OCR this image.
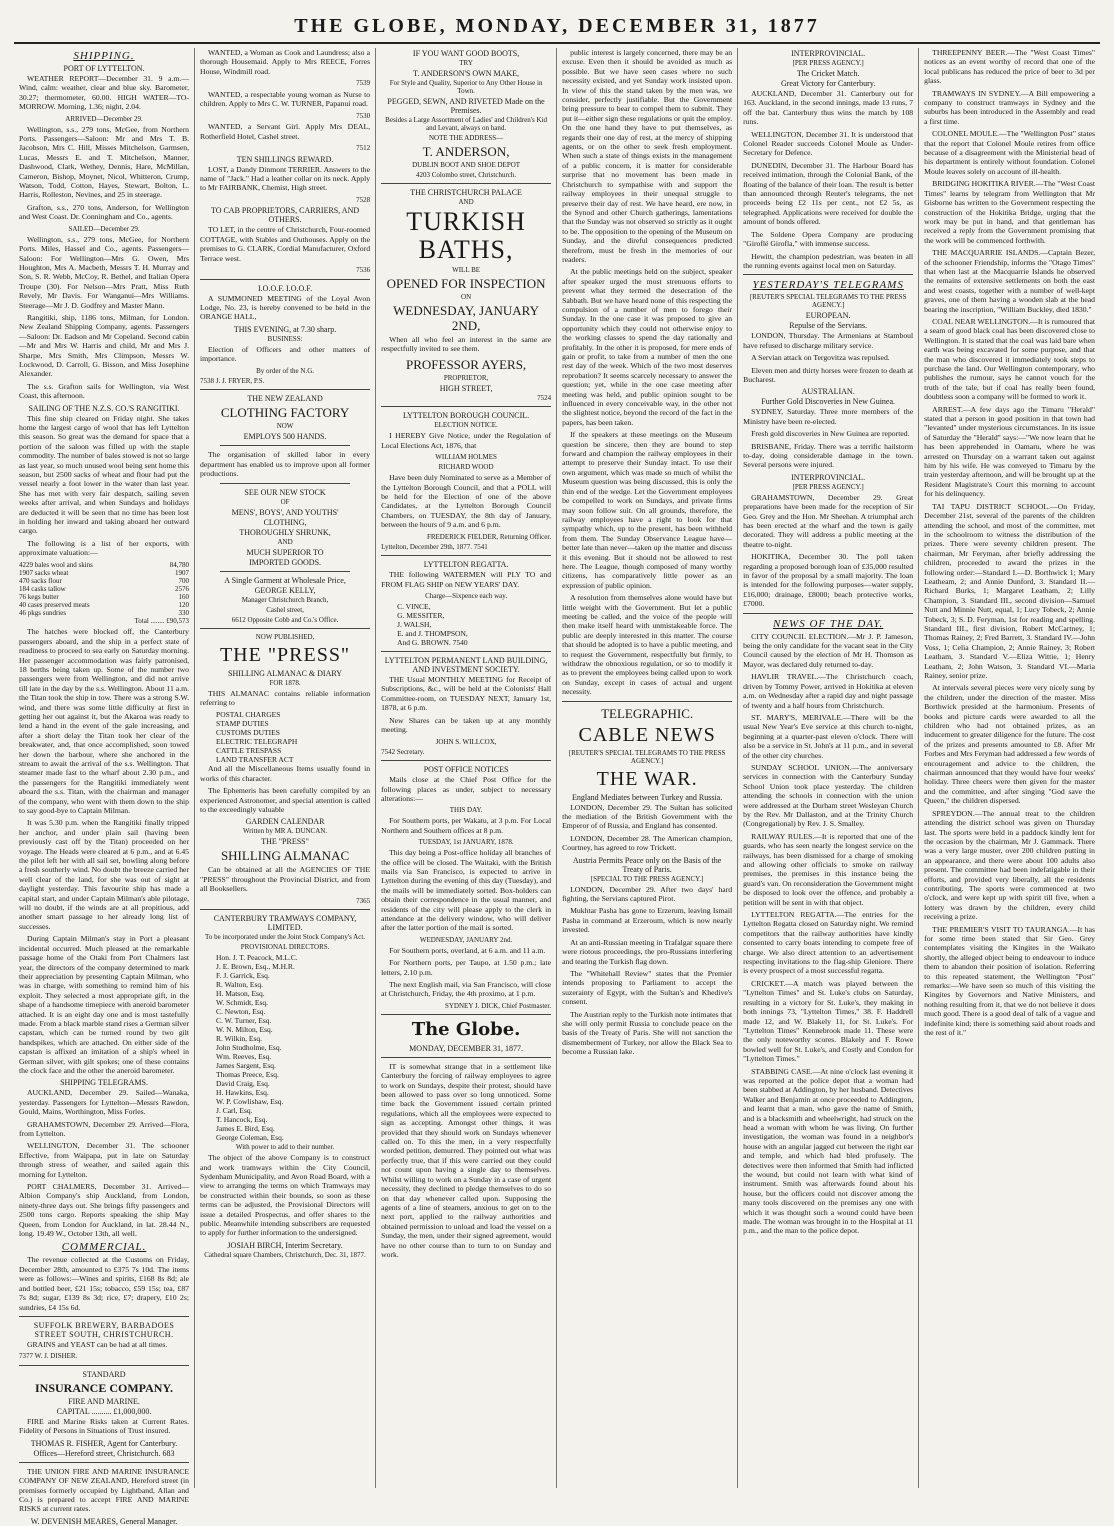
THE GLOBE, MONDAY, DECEMBER 31, 1877
SHIPPING.
PORT OF LYTTELTON.

WEATHER REPORT—December 31. 9 a.m.—Wind, calm: weather, clear and blue sky. Barometer, 30.27; thermometer, 60.00. HIGH WATER—TO-MORROW. Morning, 1.36; night, 2.04.

ARRIVED—December 29.

Wellington, s.s., 279 tons, McGee, from Northern Ports. Passengers—Saloon: Mr and Mrs T. B. Jacobson, Mrs C. Hill, Misses Mitchelson, Garmsen, Lucas, Messrs E. and T. Mitchelson, Manner, Dashwood, Clark, Wethey, Dennis, Hare, McMillan, Cameron, Bishop, Moynet, Nicol, Whitteron, Crump, Watson, Todd, Cotton, Hayes, Stewart, Bolton, L. Harris, Rolleston, Nevines, and 25 in steerage.

Grafton, s.s., 270 tons, Anderson, for Wellington and West Coast. Dr. Conningham and Co., agents.

SAILED—December 29.

Wellington, s.s., 279 tons, McGee, for Northern Ports. Miles, Hassel and Co., agents. Passengers—Saloon: For Wellington—Mrs G. Owen, Mrs Houghton, Mrs A. Macbeth, Messrs T. H. Murray and Son, S. R. Webb, McCoy, R. Bethel, and Italian Opera Troupe (30). For Nelson—Mrs Pratt, Miss Ruth Revely, Mr Davis. For Wanganui—Mrs Williams. Steerage—Mr J. D. Godfrey and Master Mann.

Rangitiki, ship, 1186 tons, Milman, for London. New Zealand Shipping Company, agents. Passengers—Saloon: Dr. Eadson and Mr Copeland. Second cabin—Mr and Mrs W. Harris and child, Mr and Mrs J. Sharpe, Mrs Smith, Mrs Climpson, Messrs W. Lockwood, D. Carroll, G. Bisson, and Miss Josephine Alexander.

The s.s. Grafton sails for Wellington, via West Coast, this afternoon.

SAILING OF THE N.Z.S. CO.'S RANGITIKI.

This fine ship cleared on Friday night. She takes home the largest cargo of wool that has left Lyttelton this season. So great was the demand for space that a portion of the saloon was filled up with the staple commodity. The number of bales stowed is not so large as last year, so much unused wool being sent home this season, but 2500 sacks of wheat and flour had put the vessel nearly a foot lower in the water than last year. She has met with very fair despatch, sailing seven weeks after arrival, and when Sundays and holidays are deducted it will be seen that no time has been lost in holding her inward and taking aboard her outward cargo.

The following is a list of her exports, with approximate valuation:—

4229 bales wool and skins	84,780
1907 sacks wheat	1907
470 sacks flour	700
184 casks tallow	2576
76 kegs butter	160
40 cases preserved meats	120
46 pkgs sundries	330
Total ........ £90,573

The hatches were blocked off, the Canterbury passengers aboard, and the ship in a perfect state of readiness to proceed to sea early on Saturday morning. Her passenger accommodation was fairly patronised, 18 berths being taken up. Some of the number two passengers were from Wellington, and did not arrive till late in the day by the s.s. Wellington. About 11 a.m. the Titan took the ship in tow. There was a strong S.W. wind, and there was some little difficulty at first in getting her out against it, but the Akaroa was ready to lend a hand in the event of the gale increasing, and after a short delay the Titan took her clear of the breakwater, and, that once accomplished, soon towed her down the harbour, where she anchored in the stream to await the arrival of the s.s. Wellington. That steamer made fast to the wharf about 2.30 p.m., and the passengers for the Rangitiki immediately went aboard the s.s. Titan, with the chairman and manager of the company, who went with them down to the ship to say good-bye to Captain Milman.

It was 5.30 p.m. when the Rangitiki finally tripped her anchor, and under plain sail (having been previously cast off by the Titan) proceeded on her voyage. The Heads were cleared at 6 p.m., and at 6.45 the pilot left her with all sail set, bowling along before a fresh southerly wind. No doubt the breeze carried her well clear of the land, for she was out of sight at daylight yesterday. This favourite ship has made a capital start, and under Captain Milman's able pilotage, will no doubt, if the winds are at all propitious, add another smart passage to her already long list of successes.

During Captain Milman's stay in Port a pleasant incidental occurred. Much pleased at the remarkable passage home of the Otaki from Port Chalmers last year, the directors of the company determined to mark their appreciation by presenting Captain Milman, who was in charge, with something to remind him of his exploit. They selected a most appropriate gift, in the shape of a handsome timepiece with aneroid barometer attached. It is an eight day one and is most tastefully made. From a black marble stand rises a German silver capstan, which can be turned round by two gilt handspikes, which are attached. On either side of the capstan is affixed an imitation of a ship's wheel in German silver, with gilt spokes; one of these contains the clock face and the other the aneroid barometer.

SHIPPING TELEGRAMS.

AUCKLAND, December 29. Sailed—Wanaka, yesterday. Passengers for Lyttelton—Messrs Rawdon, Gould, Mains, Worthington, Miss Forles.

GRAHAMSTOWN, December 29. Arrived—Flora, from Lyttelton.

WELLINGTON, December 31. The schooner Effective, from Waipapa, put in late on Saturday through stress of weather, and sailed again this morning for Lyttelton.

PORT CHALMERS, December 31. Arrived—Albion Company's ship Auckland, from London, ninety-three days out. She brings fifty passengers and 2500 tons cargo. Reports speaking the ship May Queen, from London for Auckland, in lat. 28.44 N., long. 19.49 W., October 13th, all well.

COMMERCIAL.

The revenue collected at the Customs on Friday, December 28th, amounted to £375 7s 10d. The items were as follows:—Wines and spirits, £168 8s 8d; ale and bottled beer, £21 15s; tobacco, £59 15s; tea, £87 7s 8d; sugar, £139 8s 3d; rice, £7; drapery, £10 2s; sundries, £4 15s 6d.

SUFFOLK BREWERY, BARBADOES
STREET SOUTH, CHRISTCHURCH.

GRAINS and YEAST can be had at all times.

7377 W. J. DISHER.
STANDARD
INSURANCE COMPANY.
FIRE AND MARINE.
CAPITAL .......... £1,000,000.

FIRE and Marine Risks taken at Current Rates. Fidelity of Persons in Situations of Trust insured.

THOMAS R. FISHER, Agent for Canterbury.
Offices—Hereford street, Christchurch. 683

THE UNION FIRE AND MARINE INSURANCE COMPANY OF NEW ZEALAND, Hereford street (in premises formerly occupied by Lightband, Allan and Co.) is prepared to accept FIRE AND MARINE RISKS at current rates.

W. DEVENISH MEARES, General Manager.

WANTED, a Woman as Cook and Laundress; also a thorough Housemaid. Apply to Mrs REECE, Forres House, Windmill road.

7539

WANTED, a respectable young woman as Nurse to children. Apply to Mrs C. W. TURNER, Papanui road.

7530

WANTED, a Servant Girl. Apply Mrs DEAL, Rotherfield Hotel, Cashel street.

7512
TEN SHILLINGS REWARD.

LOST, a Dandy Dinmont TERRIER. Answers to the name of "Jack." Had a leather collar on its neck. Apply to Mr FAIRBANK, Chemist, High street.

7528
TO CAB PROPRIETORS, CARRIERS, AND OTHERS.

TO LET, in the centre of Christchurch, Four-roomed COTTAGE, with Stables and Outhouses. Apply on the premises to G. CLARK, Cordial Manufacturer, Oxford Terrace west.

7536
I.O.O.F. I.O.O.F.

A SUMMONED MEETING of the Loyal Avon Lodge, No. 23, is hereby convened to be held in the ORANGE HALL,

THIS EVENING, at 7.30 sharp.
BUSINESS:

Election of Officers and other matters of importance.

By order of the N.G.
7538 J. J. FRYER, P.S.
THE NEW ZEALAND
CLOTHING FACTORY
NOW
EMPLOYS 500 HANDS.

The organisation of skilled labor in every department has enabled us to improve upon all former productions.

SEE OUR NEW STOCK
OF
MENS', BOYS', AND YOUTHS'
CLOTHING,
THOROUGHLY SHRUNK,
AND
MUCH SUPERIOR TO
IMPORTED GOODS.
A Single Garment at Wholesale Price,
GEORGE KELLY,
Manager Christchurch Branch,
Cashel street,
6612 Opposite Cobb and Co.'s Office.
NOW PUBLISHED,
THE "PRESS"
SHILLING ALMANAC & DIARY
FOR 1878.

THIS ALMANAC contains reliable information referring to

POSTAL CHARGES
STAMP DUTIES
CUSTOMS DUTIES
ELECTRIC TELEGRAPH
CATTLE TRESPASS
LAND TRANSFER ACT

And all the Miscellaneous Items usually found in works of this character.

The Ephemeris has been carefully compiled by an experienced Astronomer, and special attention is called to the exceedingly valuable

GARDEN CALENDAR
Written by MR A. DUNCAN.
THE "PRESS"
SHILLING ALMANAC

Can be obtained at all the AGENCIES OF THE "PRESS" throughout the Provincial District, and from all Booksellers.

7365
CANTERBURY TRAMWAYS COMPANY, LIMITED.
To be incorporated under the Joint Stock Company's Act.
PROVISIONAL DIRECTORS.
Hon. J. T. Peacock, M.L.C.
J. E. Brown, Esq., M.H.R.
F. J. Garrick, Esq.
R. Walton, Esq.
H. Matson, Esq.
W. Schmidt, Esq.
C. Newton, Esq.
C. W. Turner, Esq.
W. N. Milton, Esq.
R. Wilkin, Esq.
John Studholme, Esq.
Wm. Reeves, Esq.
James Sargent, Esq.
Thomas Preece, Esq.
David Craig, Esq.
H. Hawkins, Esq.
W. P. Cowlishaw, Esq.
J. Carl, Esq.
T. Hancock, Esq.
James E. Bird, Esq.
George Coleman, Esq.
With power to add to their number.

The object of the above Company is to construct and work tramways within the City Council, Sydenham Municipality, and Avon Road Board, with a view to arranging the terms on which Tramways may be constructed within their bounds, so soon as these terms can be adjusted, the Provisional Directors will issue a detailed Prospectus, and offer shares to the public. Meanwhile intending subscribers are requested to apply for further information to the undersigned.

JOSIAH BIRCH, Interim Secretary.
Cathedral square Chambers, Christchurch, Dec. 31, 1877.
IF YOU WANT GOOD BOOTS,
TRY
T. ANDERSON'S OWN MAKE,
For Style and Quality, Superior to Any Other House in Town.
PEGGED, SEWN, AND RIVETED Made on the Premises.
Besides a Large Assortment of Ladies' and Children's Kid and Levant, always on hand.
NOTE THE ADDRESS—
T. ANDERSON,
DUBLIN BOOT AND SHOE DEPOT
4203 Colombo street, Christchurch.
THE CHRISTCHURCH PALACE
AND
TURKISH BATHS,
WILL BE
OPENED FOR INSPECTION
ON
WEDNESDAY, JANUARY 2ND,

When all who feel an interest in the same are respectfully invited to see them.

PROFESSOR AYERS,
PROPRIETOR,
HIGH STREET,
7524
LYTTELTON BOROUGH COUNCIL.
ELECTION NOTICE.

I HEREBY Give Notice, under the Regulation of Local Elections Act, 1876, that

WILLIAM HOLMES
RICHARD WOOD

Have been duly Nominated to serve as a Member of the Lyttelton Borough Council, and that a POLL will be held for the Election of one of the above Candidates, at the Lyttelton Borough Council Chambers, on TUESDAY, the 8th day of January, between the hours of 9 a.m. and 6 p.m.

FREDERICK FIELDER, Returning Officer.
Lyttelton, December 29th, 1877. 7541
LYTTELTON REGATTA.

THE following WATERMEN will PLY TO and FROM FLAG SHIP on NEW YEARS' DAY.

Charge—Sixpence each way.
C. VINCE,
G. MESSITER,
J. WALSH,
E. and J. THOMPSON,
And G. BROWN. 7540
LYTTELTON PERMANENT LAND BUILDING, AND INVESTMENT SOCIETY.

THE Usual MONTHLY MEETING for Receipt of Subscriptions, &c., will be held at the Colonists' Hall Committee-room, on TUESDAY NEXT, January 1st, 1878, at 6 p.m.

New Shares can be taken up at any monthly meeting.

JOHN S. WILLCOX,
7542 Secretary.
POST OFFICE NOTICES

Mails close at the Chief Post Office for the following places as under, subject to necessary alterations:—

THIS DAY.

For Southern ports, per Wakatu, at 3 p.m. For Local Northern and Southern offices at 8 p.m.

TUESDAY, 1st JANUARY, 1878.

This day being a Post-office holiday all branches of the office will be closed. The Waitaki, with the British mails via San Francisco, is expected to arrive in Lyttelton during the evening of this day (Tuesday), and the mails will be immediately sorted. Box-holders can obtain their correspondence in the usual manner, and residents of the city will please apply to the clerk in attendance at the delivery window, who will deliver after the latter portion of the mail is sorted.

WEDNESDAY, JANUARY 2nd.

For Southern ports, overland, at 6 a.m. and 11 a.m.

For Northern ports, per Taupo, at 1.50 p.m.; late letters, 2.10 p.m.

The next English mail, via San Francisco, will close at Christchurch, Friday, the 4th proximo, at 1 p.m.

SYDNEY J. DICK, Chief Postmaster.
The Globe.
MONDAY, DECEMBER 31, 1877.

IT is somewhat strange that in a settlement like Canterbury the forcing of railway employees to agree to work on Sundays, despite their protest, should have been allowed to pass over so long unnoticed. Some time back the Government issued certain printed regulations, which all the employees were expected to sign as accepting. Amongst other things, it was provided that they should work on Sundays whenever called on. To this the men, in a very respectfully worded petition, demurred. They pointed out what was perfectly true, that if this were carried out they could not count upon having a single day to themselves. Whilst willing to work on a Sunday in a case of urgent necessity, they declined to pledge themselves to do so on that day whenever called upon. Supposing the agents of a line of steamers, anxious to get on to the next port, applied to the railway authorities and obtained permission to unload and load the vessel on a Sunday, the men, under their signed agreement, would have no other course than to turn to on Sunday and work.

public interest is largely concerned, there may be an excuse. Even then it should be avoided as much as possible. But we have seen cases where no such necessity existed, and yet Sunday work insisted upon. In view of this the stand taken by the men was, we consider, perfectly justifiable. But the Government bring pressure to bear to compel them to submit. They put it—either sign these regulations or quit the employ. On the one hand they have to put themselves, as regards their one day of rest, at the mercy of shipping agents, or on the other to seek fresh employment. When such a state of things exists in the management of a public concern, it is matter for considerable surprise that no movement has been made in Christchurch to sympathise with and support the railway employees in their unequal struggle to preserve their day of rest. We have heard, ere now, in the Synod and other Church gatherings, lamentations that the Sunday was not observed so strictly as it ought to be. The opposition to the opening of the Museum on Sunday, and the direful consequences predicted therefrom, must be fresh in the memories of our readers.

At the public meetings held on the subject, speaker after speaker urged the most strenuous efforts to prevent what they termed the desecration of the Sabbath. But we have heard none of this respecting the compulsion of a number of men to forego their Sunday. In the one case it was proposed to give an opportunity which they could not otherwise enjoy to the working classes to spend the day rationally and profitably. In the other it is proposed, for mere ends of gain or profit, to take from a number of men the one rest day of the week. Which of the two most deserves reprobation? It seems scarcely necessary to answer the question; yet, while in the one case meeting after meeting was held, and public opinion sought to be influenced in every conceivable way, in the other not the slightest notice, beyond the record of the fact in the papers, has been taken.

If the speakers at these meetings on the Museum question be sincere, then they are bound to step forward and champion the railway employees in their attempt to preserve their Sunday intact. To use their own argument, which was made so much of whilst the Museum question was being discussed, this is only the thin end of the wedge. Let the Government employees be compelled to work on Sundays, and private firms may soon follow suit. On all grounds, therefore, the railway employees have a right to look for that sympathy which, up to the present, has been withheld from them. The Sunday Observance League have—better late than never—taken up the matter and discuss it this evening. But it should not be allowed to rest here. The League, though composed of many worthy citizens, has comparatively little power as an expression of public opinion.

A resolution from themselves alone would have but little weight with the Government. But let a public meeting be called, and the voice of the people will then make itself heard with unmistakeable force. The public are deeply interested in this matter. The course that should be adopted is to have a public meeting, and to request the Government, respectfully but firmly, to withdraw the obnoxious regulation, or so to modify it as to prevent the employees being called upon to work on Sunday, except in cases of actual and urgent necessity.

TELEGRAPHIC.
CABLE NEWS
[REUTER'S SPECIAL TELEGRAMS TO THE PRESS AGENCY.]
THE WAR.
England Mediates between Turkey and Russia.

LONDON, December 29. The Sultan has solicited the mediation of the British Government with the Emperor of of Russia, and England has consented.

LONDON, December 28. The American champion, Courtney, has agreed to row Trickett.

Austria Permits Peace only on the Basis of the Treaty of Paris.
[SPECIAL TO THE PRESS AGENCY.]

LONDON, December 29. After two days' hard fighting, the Servians captured Pirot.

Mukhtar Pasha has gone to Erzerum, leaving Ismail Pasha in command at Erzeroum, which is now nearly invested.

At an anti-Russian meeting in Trafalgar square there were riotous proceedings, the pro-Russians interfering and tearing the Turkish flag down.

The "Whitehall Review" states that the Premier intends proposing to Parliament to accept the suzerainty of Egypt, with the Sultan's and Khedive's consent.

The Austrian reply to the Turkish note intimates that she will only permit Russia to conclude peace on the basis of the Treaty of Paris. She will not sanction the dismemberment of Turkey, nor allow the Black Sea to become a Russian lake.

INTERPROVINCIAL.
[PER PRESS AGENCY.]
The Cricket Match.
Great Victory for Canterbury.

AUCKLAND, December 31. Canterbury out for 163. Auckland, in the second innings, made 13 runs, 7 off the bat. Canterbury thus wins the match by 108 runs.

WELLINGTON, December 31. It is understood that Colonel Reader succeeds Colonel Moule as Under-Secretary for Defence.

DUNEDIN, December 31. The Harbour Board has received intimation, through the Colonial Bank, of the floating of the balance of their loan. The result is better than announced through Reuter's telegrams, the net proceeds being £2 11s per cent., not £2 5s, as telegraphed. Applications were received for double the amount of bonds offered.

The Soldene Opera Company are producing "Giroflé Girofla," with immense success.

Hewitt, the champion pedestrian, was beaten in all the running events against local men on Saturday.

YESTERDAY'S TELEGRAMS
[REUTER'S SPECIAL TELEGRAMS TO THE PRESS AGENCY.]
EUROPEAN.
Repulse of the Servians.

LONDON, Thursday. The Armenians at Stamboul have refused to discharge military service.

A Servian attack on Tergovitza was repulsed.

Eleven men and thirty horses were frozen to death at Bucharest.

AUSTRALIAN.
Further Gold Discoveries in New Guinea.

SYDNEY, Saturday. Three more members of the Ministry have been re-elected.

Fresh gold discoveries in New Guinea are reported.

BRISBANE, Friday. There was a terrific hailstorm to-day, doing considerable damage in the town. Several persons were injured.

INTERPROVINCIAL.
[PER PRESS AGENCY.]

GRAHAMSTOWN, December 29. Great preparations have been made for the reception of Sir Geo. Grey and the Hon. Mr Sheehan. A triumphal arch has been erected at the wharf and the town is gaily decorated. They will address a public meeting at the theatre to-night.

HOKITIKA, December 30. The poll taken regarding a proposed borough loan of £35,000 resulted in favor of the proposal by a small majority. The loan is intended for the following purposes—water supply, £16,000; drainage, £8000; beach protective works, £7000.

NEWS OF THE DAY.

CITY COUNCIL ELECTION.—Mr J. P. Jameson, being the only candidate for the vacant seat in the City Council caused by the election of Mr H. Thomson as Mayor, was declared duly returned to-day.

HAVLIR TRAVEL.—The Christchurch coach, driven by Tommy Power, arrived in Hokitika at eleven a.m. on Wednesday after a rapid day and night passage of twenty and a half hours from Christchurch.

ST. MARY'S, MERIVALE.—There will be the usual New Year's Eve service at this church to-night, beginning at a quarter-past eleven o'clock. There will also be a service in St. John's at 11 p.m., and in several of the other city churches.

SUNDAY SCHOOL UNION.—The anniversary services in connection with the Canterbury Sunday School Union took place yesterday. The children attending the schools in connection with the union were addressed at the Durham street Wesleyan Church by the Rev. Mr Dallaston, and at the Trinity Church (Congregational) by Rev. J. S. Smalley.

RAILWAY RULES.—It is reported that one of the guards, who has seen nearly the longest service on the railways, has been dismissed for a charge of smoking and allowing other officials to smoke on railway premises, the premises in this instance being the guard's van. On reconsideration the Government might be disposed to look over the offence, and probably a petition will be sent in with that object.

LYTTELTON REGATTA.—The entries for the Lyttelton Regatta closed on Saturday night. We remind competitors that the railway authorities have kindly consented to carry boats intending to compete free of charge. We also direct attention to an advertisement respecting invitations to the flag-ship Gleniore. There is every prospect of a most successful regatta.

CRICKET.—A match was played between the "Lyttelton Times" and St. Luke's clubs on Saturday, resulting in a victory for St. Luke's, they making in both innings 73, "Lyttelton Times," 38. F. Haddrell made 12, and W. Blakely 11, for St. Luke's. For "Lyttelton Times" Kennebrook made 11. These were the only noteworthy scores. Blakely and F. Rowe bowled well for St. Luke's, and Costly and Condon for "Lyttelton Times."

STABBING CASE.—At nine o'clock last evening it was reported at the police depot that a woman had been stabbed at Addington, by her husband. Detectives Walker and Benjamin at once proceeded to Addington, and learnt that a man, who gave the name of Smith, and is a blacksmith and wheelwright, had struck on the head a woman with whom he was living. On further investigation, the woman was found in a neighbor's house with an angular jagged cut between the right ear and temple, and which had bled profusely. The detectives were then informed that Smith had inflicted the wound, but could not learn with what kind of instrument. Smith was afterwards found about his house, but the officers could not discover among the many tools discovered on the premises any one with which it was thought such a wound could have been made. The woman was brought in to the Hospital at 11 p.m., and the man to the police depot.

THREEPENNY BEER.—The "West Coast Times" notices as an event worthy of record that one of the local publicans has reduced the price of beer to 3d per glass.

TRAMWAYS IN SYDNEY.—A Bill empowering a company to construct tramways in Sydney and the suburbs has been introduced in the Assembly and read a first time.

COLONEL MOULE.—The "Wellington Post" states that the report that Colonel Moule retires from office because of a disagreement with the Ministerial head of his department is entirely without foundation. Colonel Moule leaves solely on account of ill-health.

BRIDGING HOKITIKA RIVER.—The "West Coast Times" learns by telegram from Wellington that Mr Gisborne has written to the Government respecting the construction of the Hokitika Bridge, urging that the work may be put in hand, and that gentleman has received a reply from the Government promising that the work will be commenced forthwith.

THE MACQUARRIE ISLANDS.—Captain Bezer, of the schooner Friendship, informs the "Otago Times" that when last at the Macquarrie Islands he observed the remains of extensive settlements on both the east and west coasts, together with a number of well-kept graves, one of them having a wooden slab at the head bearing the inscription, "William Buckley, died 1830."

COAL NEAR WELLINGTON.—It is rumoured that a seam of good black coal has been discovered close to Wellington. It is stated that the coal was laid bare when earth was being excavated for some purpose, and that the man who discovered it immediately took steps to purchase the land. Our Wellington contemporary, who publishes the rumour, says he cannot vouch for the truth of the tale, but if coal has really been found, doubtless soon a company will be formed to work it.

ARREST.—A few days ago the Timaru "Herald" stated that a person in good position in that town had "levanted" under mysterious circumstances. In its issue of Saturday the "Herald" says:—"We now learn that he has been apprehended in Oamaru, where he was arrested on Thursday on a warrant taken out against him by his wife. He was conveyed to Timaru by the train yesterday afternoon, and will be brought up at the Resident Magistrate's Court this morning to account for his delinquency.

TAI TAPU DISTRICT SCHOOL.—On Friday, December 21st, several of the parents of the children attending the school, and most of the committee, met in the schoolroom to witness the distribution of the prizes. There were seventy children present. The chairman, Mr Feryman, after briefly addressing the children, proceeded to award the prizes in the following order:—Standard I.—D. Borthwick 1; Mary Leatheam, 2; and Annie Dunford, 3. Standard II.—Richard Burks, 1; Margaret Leatham, 2; Lilly Champion, 3. Standard III., second division—Samuel Nutt and Minnie Nutt, equal, 1; Lucy Tobeck, 2; Annie Tobeck, 3; S. D. Feryman, 1st for reading and spelling. Standard III., first division, Robert McCartney, 1; Thomas Rainey, 2; Fred Barrett, 3. Standard IV.—John Voss, 1; Celia Champion, 2; Annie Rainey, 3; Robert Leatham, 3. Standard V.—Eliza Wittie, 1; Henry Leatham, 2; John Watson, 3. Standard VI.—Maria Rainey, senior prize.

At intervals several pieces were very nicely sung by the children, under the direction of the master. Miss Borthwick presided at the harmonium. Presents of books and picture cards were awarded to all the children who had not obtained prizes, as an inducement to greater diligence for the future. The cost of the prizes and presents amounted to £8. After Mr Forbes and Mrs Feryman had addressed a few words of encouragement and advice to the children, the chairman announced that they would have four weeks' holiday. Three cheers were then given for the master and the committee, and after singing "God save the Queen," the children dispersed.

SPREYDON.—The annual treat to the children attending the district school was given on Thursday last. The sports were held in a paddock kindly lent for the occasion by the chairman, Mr J. Gammack. There was a very large muster, over 200 children putting in an appearance, and there were about 100 adults also present. The committee had been indefatigable in their efforts, and provided very liberally, all the residents contributing. The sports were commenced at two o'clock, and were kept up with spirit till five, when a lottery was drawn by the children, every child receiving a prize.

THE PREMIER'S VISIT TO TAURANGA.—It has for some time been stated that Sir Geo. Grey contemplates visiting the Kingites in the Waikato shortly, the alleged object being to endeavour to induce them to abandon their position of isolation. Referring to this repeated statement, the Wellington "Post" remarks:—We have seen so much of this visiting the Kingites by Governors and Native Ministers, and nothing resulting from it, that we do not believe it does much good. There is a good deal of talk of a vague and indefinite kind; there is something said about roads and the rest of it."
